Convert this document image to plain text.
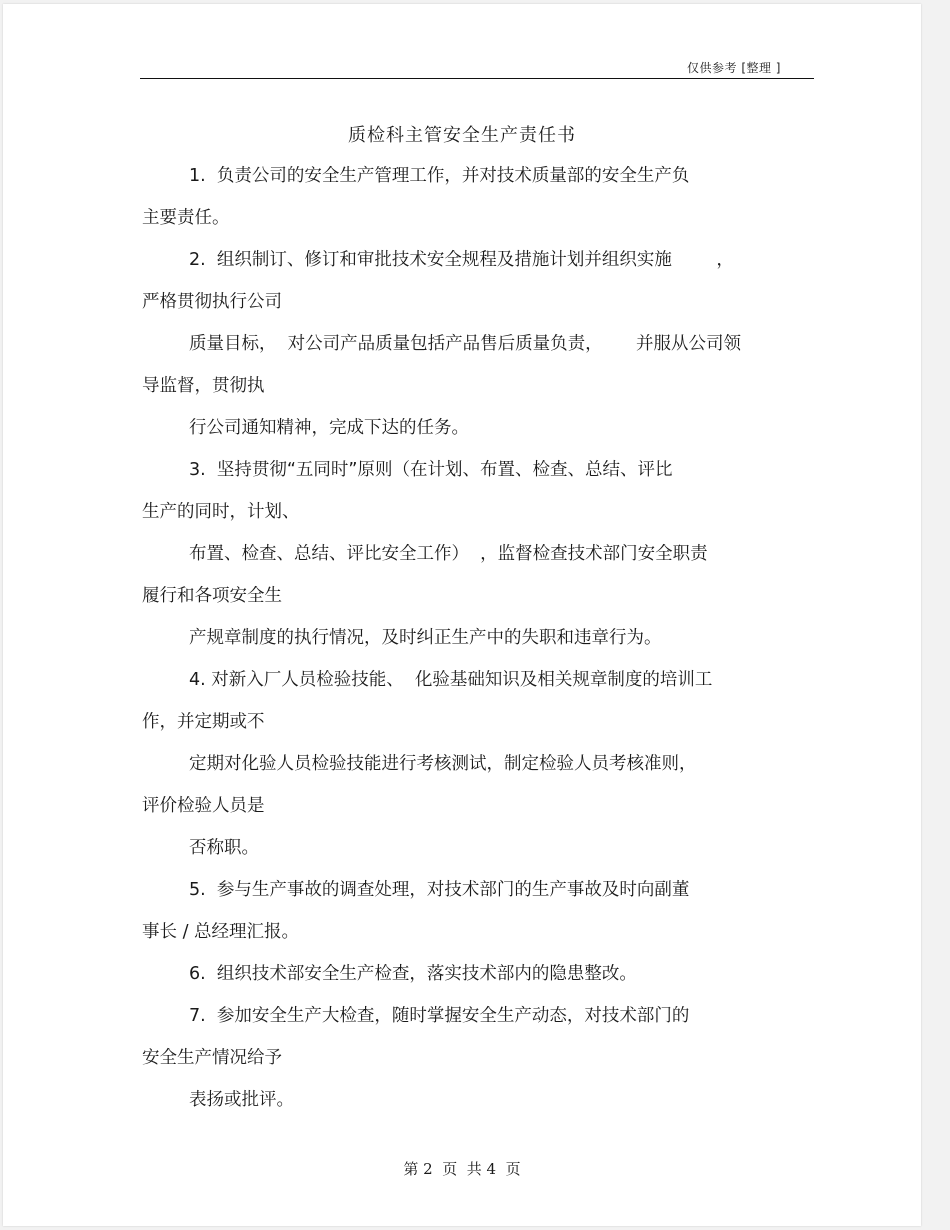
仅供参考 [整理 ]
质检科主管安全生产责任书
1.  负责公司的安全生产管理工作，并对技术质量部的安全生产负
主要责任。
2.  组织制订、修订和审批技术安全规程及措施计划并组织实施        ，
严格贯彻执行公司
质量目标，  对公司产品质量包括产品售后质量负责，      并服从公司领
导监督，贯彻执
行公司通知精神，完成下达的任务。
3.  坚持贯彻“五同时”原则（在计划、布置、检查、总结、评比
生产的同时，计划、
布置、检查、总结、评比安全工作）  ，监督检查技术部门安全职责
履行和各项安全生
产规章制度的执行情况，及时纠正生产中的失职和违章行为。
4. 对新入厂人员检验技能、  化验基础知识及相关规章制度的培训工
作，并定期或不
定期对化验人员检验技能进行考核测试，制定检验人员考核准则，
评价检验人员是
否称职。
5.  参与生产事故的调查处理，对技术部门的生产事故及时向副董
事长 / 总经理汇报。
6.  组织技术部安全生产检查，落实技术部内的隐患整改。
7.  参加安全生产大检查，随时掌握安全生产动态，对技术部门的
安全生产情况给予
表扬或批评。
第 2  页  共 4  页
